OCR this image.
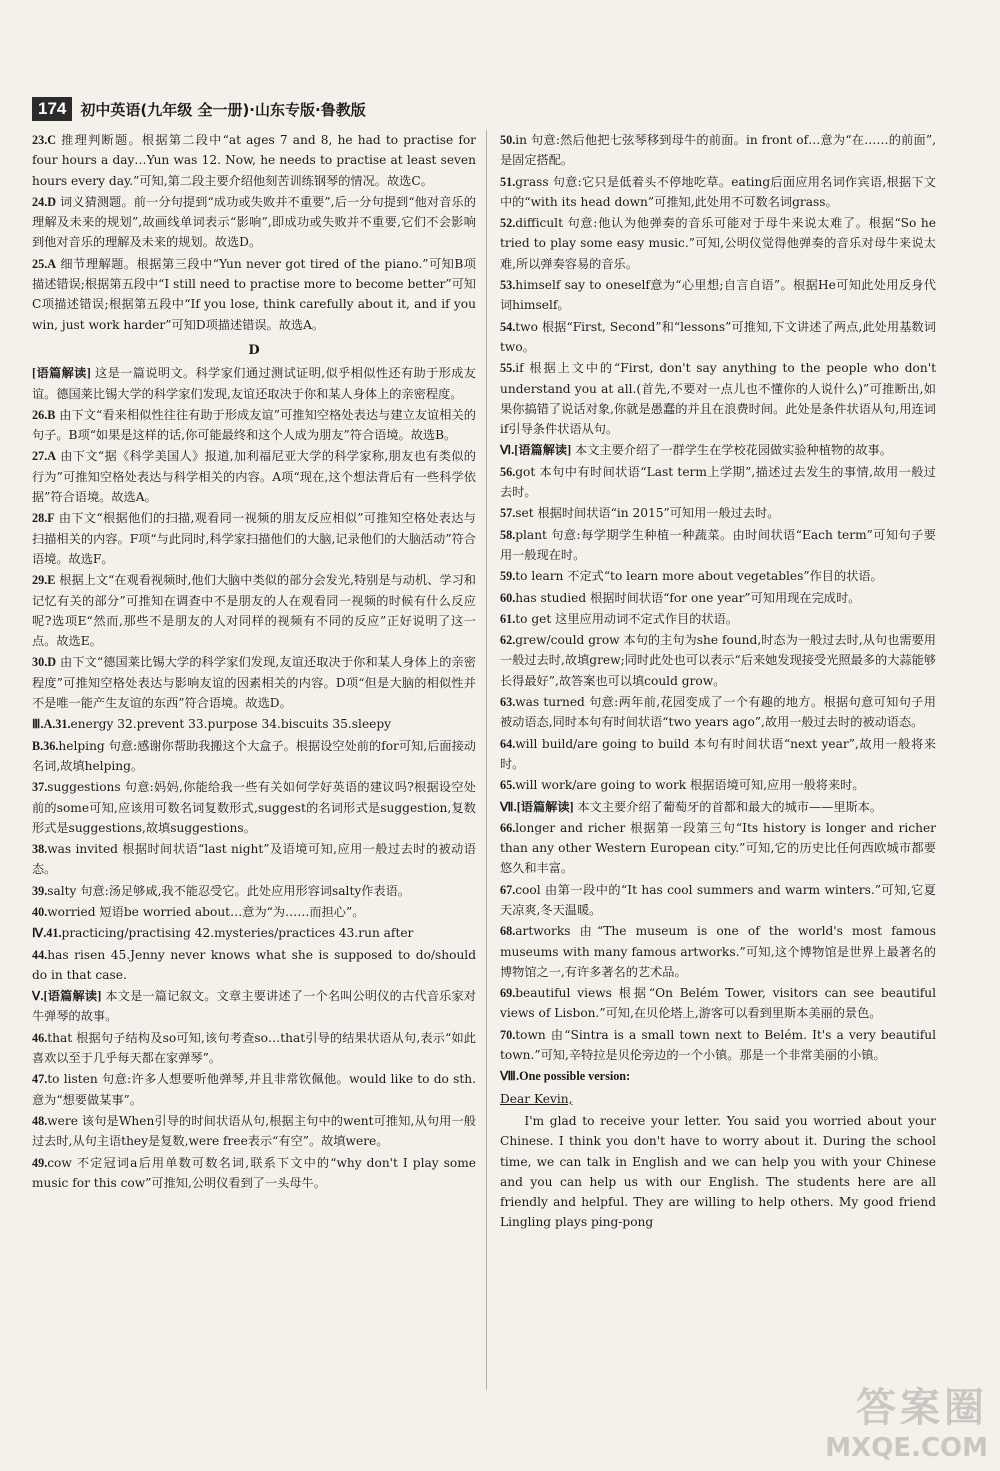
174 初中英语(九年级 全一册)·山东专版·鲁教版
23.C 推理判断题。根据第二段中“at ages 7 and 8, he had to practise for four hours a day…Yun was 12. Now, he needs to practise at least seven hours every day.”可知,第二段主要介绍他刻苦训练钢琴的情况。故选C。
24.D 词义猜测题。前一分句提到“成功或失败并不重要”,后一分句提到“他对音乐的理解及未来的规划”,故画线单词表示“影响”,即成功或失败并不重要,它们不会影响到他对音乐的理解及未来的规划。故选D。
25.A 细节理解题。根据第三段中“Yun never got tired of the piano.”可知B项描述错误;根据第五段中“I still need to practise more to become better”可知C项描述错误;根据第五段中“If you lose, think carefully about it, and if you win, just work harder”可知D项描述错误。故选A。
D
[语篇解读] 这是一篇说明文。科学家们通过测试证明,似乎相似性还有助于形成友谊。德国莱比锡大学的科学家们发现,友谊还取决于你和某人身体上的亲密程度。
26.B 由下文“看来相似性往往有助于形成友谊”可推知空格处表达与建立友谊相关的句子。B项“如果是这样的话,你可能最终和这个人成为朋友”符合语境。故选B。
27.A 由下文“据《科学美国人》报道,加利福尼亚大学的科学家称,朋友也有类似的行为”可推知空格处表达与科学相关的内容。A项“现在,这个想法背后有一些科学依据”符合语境。故选A。
28.F 由下文“根据他们的扫描,观看同一视频的朋友反应相似”可推知空格处表达与扫描相关的内容。F项“与此同时,科学家扫描他们的大脑,记录他们的大脑活动”符合语境。故选F。
29.E 根据上文“在观看视频时,他们大脑中类似的部分会发光,特别是与动机、学习和记忆有关的部分”可推知在调查中不是朋友的人在观看同一视频的时候有什么反应呢?选项E“然而,那些不是朋友的人对同样的视频有不同的反应”正好说明了这一点。故选E。
30.D 由下文“德国莱比锡大学的科学家们发现,友谊还取决于你和某人身体上的亲密程度”可推知空格处表达与影响友谊的因素相关的内容。D项“但是大脑的相似性并不是唯一能产生友谊的东西”符合语境。故选D。
Ⅲ.A.31.energy 32.prevent 33.purpose 34.biscuits 35.sleepy
B.36.helping 句意:感谢你帮助我搬这个大盒子。根据设空处前的for可知,后面接动名词,故填helping。
37.suggestions 句意:妈妈,你能给我一些有关如何学好英语的建议吗?根据设空处前的some可知,应该用可数名词复数形式,suggest的名词形式是suggestion,复数形式是suggestions,故填suggestions。
38.was invited 根据时间状语“last night”及语境可知,应用一般过去时的被动语态。
39.salty 句意:汤足够咸,我不能忍受它。此处应用形容词salty作表语。
40.worried 短语be worried about…意为“为……而担心”。
Ⅳ.41.practicing/practising 42.mysteries/practices 43.run after
44.has risen 45.Jenny never knows what she is supposed to do/should do in that case.
Ⅴ.[语篇解读] 本文是一篇记叙文。文章主要讲述了一个名叫公明仪的古代音乐家对牛弹琴的故事。
46.that 根据句子结构及so可知,该句考查so…that引导的结果状语从句,表示“如此喜欢以至于几乎每天都在家弹琴”。
47.to listen 句意:许多人想要听他弹琴,并且非常钦佩他。would like to do sth.意为“想要做某事”。
48.were 该句是When引导的时间状语从句,根据主句中的went可推知,从句用一般过去时,从句主语they是复数,were free表示“有空”。故填were。
49.cow 不定冠词a后用单数可数名词,联系下文中的“why don't I play some music for this cow”可推知,公明仪看到了一头母牛。
50.in 句意:然后他把七弦琴移到母牛的前面。in front of…意为“在……的前面”,是固定搭配。
51.grass 句意:它只是低着头不停地吃草。eating后面应用名词作宾语,根据下文中的“with its head down”可推知,此处用不可数名词grass。
52.difficult 句意:他认为他弹奏的音乐可能对于母牛来说太难了。根据“So he tried to play some easy music.”可知,公明仪觉得他弹奏的音乐对母牛来说太难,所以弹奏容易的音乐。
53.himself say to oneself意为“心里想;自言自语”。根据He可知此处用反身代词himself。
54.two 根据“First, Second”和“lessons”可推知,下文讲述了两点,此处用基数词two。
55.if 根据上文中的“First, don't say anything to the people who don't understand you at all.(首先,不要对一点儿也不懂你的人说什么)”可推断出,如果你搞错了说话对象,你就是愚蠢的并且在浪费时间。此处是条件状语从句,用连词if引导条件状语从句。
Ⅵ.[语篇解读] 本文主要介绍了一群学生在学校花园做实验种植物的故事。
56.got 本句中有时间状语“Last term上学期”,描述过去发生的事情,故用一般过去时。
57.set 根据时间状语“in 2015”可知用一般过去时。
58.plant 句意:每学期学生种植一种蔬菜。由时间状语“Each term”可知句子要用一般现在时。
59.to learn 不定式“to learn more about vegetables”作目的状语。
60.has studied 根据时间状语“for one year”可知用现在完成时。
61.to get 这里应用动词不定式作目的状语。
62.grew/could grow 本句的主句为she found,时态为一般过去时,从句也需要用一般过去时,故填grew;同时此处也可以表示“后来她发现接受光照最多的大蒜能够长得最好”,故答案也可以填could grow。
63.was turned 句意:两年前,花园变成了一个有趣的地方。根据句意可知句子用被动语态,同时本句有时间状语“two years ago”,故用一般过去时的被动语态。
64.will build/are going to build 本句有时间状语“next year”,故用一般将来时。
65.will work/are going to work 根据语境可知,应用一般将来时。
Ⅶ.[语篇解读] 本文主要介绍了葡萄牙的首都和最大的城市——里斯本。
66.longer and richer 根据第一段第三句“Its history is longer and richer than any other Western European city.”可知,它的历史比任何西欧城市都要悠久和丰富。
67.cool 由第一段中的“It has cool summers and warm winters.”可知,它夏天凉爽,冬天温暖。
68.artworks 由“The museum is one of the world's most famous museums with many famous artworks.”可知,这个博物馆是世界上最著名的博物馆之一,有许多著名的艺术品。
69.beautiful views 根据“On Belém Tower, visitors can see beautiful views of Lisbon.”可知,在贝伦塔上,游客可以看到里斯本美丽的景色。
70.town 由“Sintra is a small town next to Belém. It's a very beautiful town.”可知,辛特拉是贝伦旁边的一个小镇。那是一个非常美丽的小镇。
Ⅷ.One possible version:
Dear Kevin,
I'm glad to receive your letter. You said you worried about your Chinese. I think you don't have to worry about it. During the school time, we can talk in English and we can help you with your Chinese and you can help us with our English. The students here are all friendly and helpful. They are willing to help others. My good friend Lingling plays ping-pong
答案圈
MXQE.COM
